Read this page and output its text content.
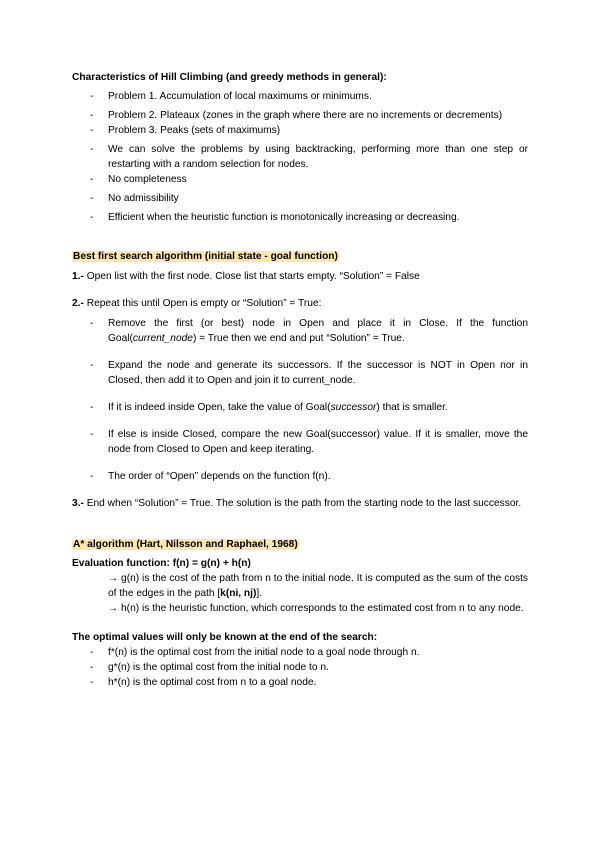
Characteristics of Hill Climbing (and greedy methods in general):
- Problem 1. Accumulation of local maximums or minimums.
- Problem 2. Plateaux (zones in the graph where there are no increments or decrements)
- Problem 3. Peaks (sets of maximums)
- We can solve the problems by using backtracking, performing more than one step or restarting with a random selection for nodes.
- No completeness
- No admissibility
- Efficient when the heuristic function is monotonically increasing or decreasing.
Best first search algorithm (initial state - goal function)
1.- Open list with the first node. Close list that starts empty. “Solution” = False
2.- Repeat this until Open is empty or “Solution” = True:
- Remove the first (or best) node in Open and place it in Close. If the function Goal(current_node) = True then we end and put “Solution” = True.
- Expand the node and generate its successors. If the successor is NOT in Open nor in Closed, then add it to Open and join it to current_node.
- If it is indeed inside Open, take the value of Goal(successor) that is smaller.
- If else is inside Closed, compare the new Goal(successor) value. If it is smaller, move the node from Closed to Open and keep iterating.
- The order of “Open” depends on the function f(n).
3.- End when “Solution” = True. The solution is the path from the starting node to the last successor.
A* algorithm (Hart, Nilsson and Raphael, 1968)
Evaluation function: f(n) = g(n) + h(n)
→ g(n) is the cost of the path from n to the initial node. It is computed as the sum of the costs of the edges in the path [k(ni, nj)].
→ h(n) is the heuristic function, which corresponds to the estimated cost from n to any node.
The optimal values will only be known at the end of the search:
- f*(n) is the optimal cost from the initial node to a goal node through n.
- g*(n) is the optimal cost from the initial node to n.
- h*(n) is the optimal cost from n to a goal node.
